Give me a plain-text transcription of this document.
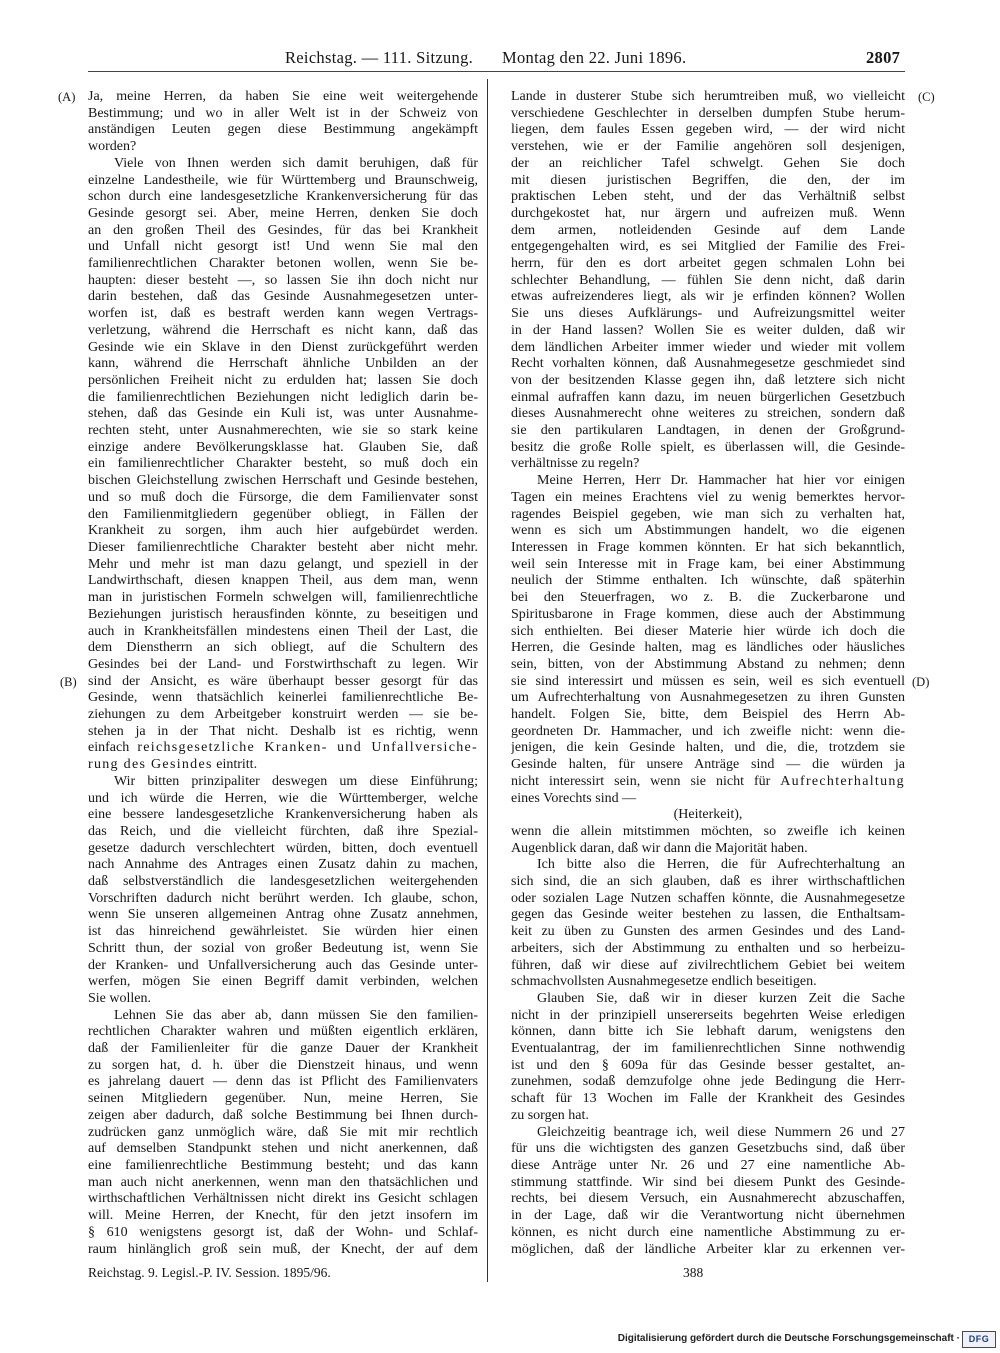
Reichstag. — 111. Sitzung. Montag den 22. Juni 1896.	2807
(A)
(B)
(C)
(D)
Ja, meine Herren, da haben Sie eine weit weitergehende
Bestimmung; und wo in aller Welt ist in der Schweiz von
anständigen Leuten gegen diese Bestimmung angekämpft
worden?
Viele von Ihnen werden sich damit beruhigen, daß für
einzelne Landestheile, wie für Württemberg und Braunschweig,
schon durch eine landesgesetzliche Krankenversicherung für das
Gesinde gesorgt sei. Aber, meine Herren, denken Sie doch
an den großen Theil des Gesindes, für das bei Krankheit
und Unfall nicht gesorgt ist! Und wenn Sie mal den
familienrechtlichen Charakter betonen wollen, wenn Sie be-
haupten: dieser besteht —, so lassen Sie ihn doch nicht nur
darin bestehen, daß das Gesinde Ausnahmegesetzen unter-
worfen ist, daß es bestraft werden kann wegen Vertrags-
verletzung, während die Herrschaft es nicht kann, daß das
Gesinde wie ein Sklave in den Dienst zurückgeführt werden
kann, während die Herrschaft ähnliche Unbilden an der
persönlichen Freiheit nicht zu erdulden hat; lassen Sie doch
die familienrechtlichen Beziehungen nicht lediglich darin be-
stehen, daß das Gesinde ein Kuli ist, was unter Ausnahme-
rechten steht, unter Ausnahmerechten, wie sie so stark keine
einzige andere Bevölkerungsklasse hat. Glauben Sie, daß
ein familienrechtlicher Charakter besteht, so muß doch ein
bischen Gleichstellung zwischen Herrschaft und Gesinde bestehen,
und so muß doch die Fürsorge, die dem Familienvater sonst
den Familienmitgliedern gegenüber obliegt, in Fällen der
Krankheit zu sorgen, ihm auch hier aufgebürdet werden.
Dieser familienrechtliche Charakter besteht aber nicht mehr.
Mehr und mehr ist man dazu gelangt, und speziell in der
Landwirthschaft, diesen knappen Theil, aus dem man, wenn
man in juristischen Formeln schwelgen will, familienrechtliche
Beziehungen juristisch herausfinden könnte, zu beseitigen und
auch in Krankheitsfällen mindestens einen Theil der Last, die
dem Dienstherrn an sich obliegt, auf die Schultern des
Gesindes bei der Land- und Forstwirthschaft zu legen. Wir
sind der Ansicht, es wäre überhaupt besser gesorgt für das
Gesinde, wenn thatsächlich keinerlei familienrechtliche Be-
ziehungen zu dem Arbeitgeber konstruirt werden — sie be-
stehen ja in der That nicht. Deshalb ist es richtig, wenn
einfach reichsgesetzliche Kranken- und Unfallversiche-
rung des Gesindes eintritt.
Wir bitten prinzipaliter deswegen um diese Einführung;
und ich würde die Herren, wie die Württemberger, welche
eine bessere landesgesetzliche Krankenversicherung haben als
das Reich, und die vielleicht fürchten, daß ihre Spezial-
gesetze dadurch verschlechtert würden, bitten, doch eventuell
nach Annahme des Antrages einen Zusatz dahin zu machen,
daß selbstverständlich die landesgesetzlichen weitergehenden
Vorschriften dadurch nicht berührt werden. Ich glaube, schon,
wenn Sie unseren allgemeinen Antrag ohne Zusatz annehmen,
ist das hinreichend gewährleistet. Sie würden hier einen
Schritt thun, der sozial von großer Bedeutung ist, wenn Sie
der Kranken- und Unfallversicherung auch das Gesinde unter-
werfen, mögen Sie einen Begriff damit verbinden, welchen
Sie wollen.
Lehnen Sie das aber ab, dann müssen Sie den familien-
rechtlichen Charakter wahren und müßten eigentlich erklären,
daß der Familienleiter für die ganze Dauer der Krankheit
zu sorgen hat, d. h. über die Dienstzeit hinaus, und wenn
es jahrelang dauert — denn das ist Pflicht des Familienvaters
seinen Mitgliedern gegenüber. Nun, meine Herren, Sie
zeigen aber dadurch, daß solche Bestimmung bei Ihnen durch-
zudrücken ganz unmöglich wäre, daß Sie mit mir rechtlich
auf demselben Standpunkt stehen und nicht anerkennen, daß
eine familienrechtliche Bestimmung besteht; und das kann
man auch nicht anerkennen, wenn man den thatsächlichen und
wirthschaftlichen Verhältnissen nicht direkt ins Gesicht schlagen
will. Meine Herren, der Knecht, für den jetzt insofern im
§ 610 wenigstens gesorgt ist, daß der Wohn- und Schlaf-
raum hinlänglich groß sein muß, der Knecht, der auf dem
Lande in dusterer Stube sich herumtreiben muß, wo vielleicht
verschiedene Geschlechter in derselben dumpfen Stube herum-
liegen, dem faules Essen gegeben wird, — der wird nicht
verstehen, wie er der Familie angehören soll desjenigen,
der an reichlicher Tafel schwelgt. Gehen Sie doch
mit diesen juristischen Begriffen, die den, der im
praktischen Leben steht, und der das Verhältniß selbst
durchgekostet hat, nur ärgern und aufreizen muß. Wenn
dem armen, notleidenden Gesinde auf dem Lande
entgegengehalten wird, es sei Mitglied der Familie des Frei-
herrn, für den es dort arbeitet gegen schmalen Lohn bei
schlechter Behandlung, — fühlen Sie denn nicht, daß darin
etwas aufreizenderes liegt, als wir je erfinden können? Wollen
Sie uns dieses Aufklärungs- und Aufreizungsmittel weiter
in der Hand lassen? Wollen Sie es weiter dulden, daß wir
dem ländlichen Arbeiter immer wieder und wieder mit vollem
Recht vorhalten können, daß Ausnahmegesetze geschmiedet sind
von der besitzenden Klasse gegen ihn, daß letztere sich nicht
einmal aufraffen kann dazu, im neuen bürgerlichen Gesetzbuch
dieses Ausnahmerecht ohne weiteres zu streichen, sondern daß
sie den partikularen Landtagen, in denen der Großgrund-
besitz die große Rolle spielt, es überlassen will, die Gesinde-
verhältnisse zu regeln?
Meine Herren, Herr Dr. Hammacher hat hier vor einigen
Tagen ein meines Erachtens viel zu wenig bemerktes hervor-
ragendes Beispiel gegeben, wie man sich zu verhalten hat,
wenn es sich um Abstimmungen handelt, wo die eigenen
Interessen in Frage kommen könnten. Er hat sich bekanntlich,
weil sein Interesse mit in Frage kam, bei einer Abstimmung
neulich der Stimme enthalten. Ich wünschte, daß späterhin
bei den Steuerfragen, wo z. B. die Zuckerbarone und
Spiritusbarone in Frage kommen, diese auch der Abstimmung
sich enthielten. Bei dieser Materie hier würde ich doch die
Herren, die Gesinde halten, mag es ländliches oder häusliches
sein, bitten, von der Abstimmung Abstand zu nehmen; denn
sie sind interessirt und müssen es sein, weil es sich eventuell
um Aufrechterhaltung von Ausnahmegesetzen zu ihren Gunsten
handelt. Folgen Sie, bitte, dem Beispiel des Herrn Ab-
geordneten Dr. Hammacher, und ich zweifle nicht: wenn die-
jenigen, die kein Gesinde halten, und die, die, trotzdem sie
Gesinde halten, für unsere Anträge sind — die würden ja
nicht interessirt sein, wenn sie nicht für Aufrechterhaltung
eines Vorechts sind —
(Heiterkeit),
wenn die allein mitstimmen möchten, so zweifle ich keinen
Augenblick daran, daß wir dann die Majorität haben.
Ich bitte also die Herren, die für Aufrechterhaltung an
sich sind, die an sich glauben, daß es ihrer wirthschaftlichen
oder sozialen Lage Nutzen schaffen könnte, die Ausnahmegesetze
gegen das Gesinde weiter bestehen zu lassen, die Enthaltsam-
keit zu üben zu Gunsten des armen Gesindes und des Land-
arbeiters, sich der Abstimmung zu enthalten und so herbeizu-
führen, daß wir diese auf zivilrechtlichem Gebiet bei weitem
schmachvollsten Ausnahmegesetze endlich beseitigen.
Glauben Sie, daß wir in dieser kurzen Zeit die Sache
nicht in der prinzipiell unsererseits begehrten Weise erledigen
können, dann bitte ich Sie lebhaft darum, wenigstens den
Eventualantrag, der im familienrechtlichen Sinne nothwendig
ist und den § 609a für das Gesinde besser gestaltet, an-
zunehmen, sodaß demzufolge ohne jede Bedingung die Herr-
schaft für 13 Wochen im Falle der Krankheit des Gesindes
zu sorgen hat.
Gleichzeitig beantrage ich, weil diese Nummern 26 und 27
für uns die wichtigsten des ganzen Gesetzbuchs sind, daß über
diese Anträge unter Nr. 26 und 27 eine namentliche Ab-
stimmung stattfinde. Wir sind bei diesem Punkt des Gesinde-
rechts, bei diesem Versuch, ein Ausnahmerecht abzuschaffen,
in der Lage, daß wir die Verantwortung nicht übernehmen
können, es nicht durch eine namentliche Abstimmung zu er-
möglichen, daß der ländliche Arbeiter klar zu erkennen ver-
Reichstag. 9. Legisl.-P. IV. Session. 1895/96.	388
Digitalisierung gefördert durch die Deutsche Forschungsgemeinschaft · DFG
